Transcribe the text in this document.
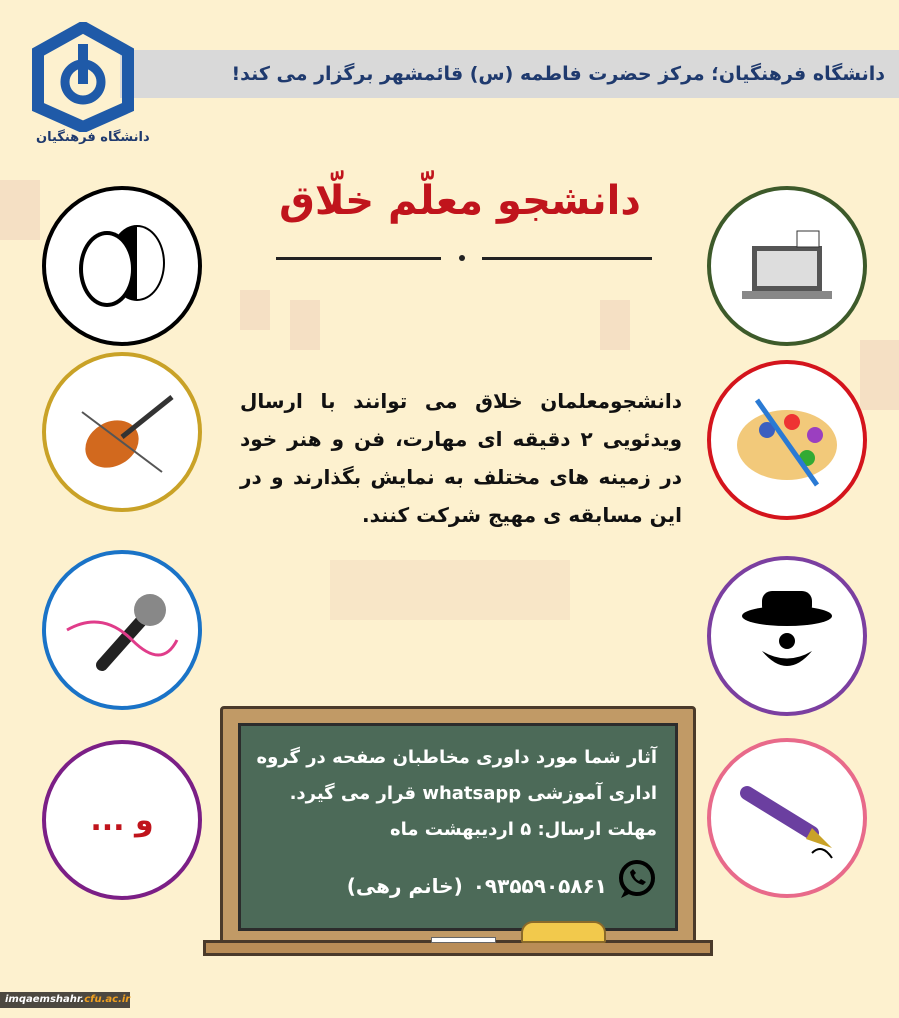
دانشگاه فرهنگیان؛ مرکز حضرت فاطمه (س) قائمشهر برگزار می کند!
دانشگاه فرهنگیان
دانشجو معلّم خلّاق
دانشجومعلمان خلاق می توانند با ارسال ویدئویی ۲ دقیقه ای مهارت، فن و هنر خود در زمینه های مختلف به نمایش بگذارند و در این مسابقه ی مهیج شرکت کنند.
و ...
آثار شما مورد داوری مخاطبان صفحه در گروه
اداری آموزشی whatsapp قرار می گیرد.
مهلت ارسال: ۵ اردیبهشت ماه
۰۹۳۵۵۹۰۵۸۶۱
(خانم رهی)
imqaemshahr.cfu.ac.ir
